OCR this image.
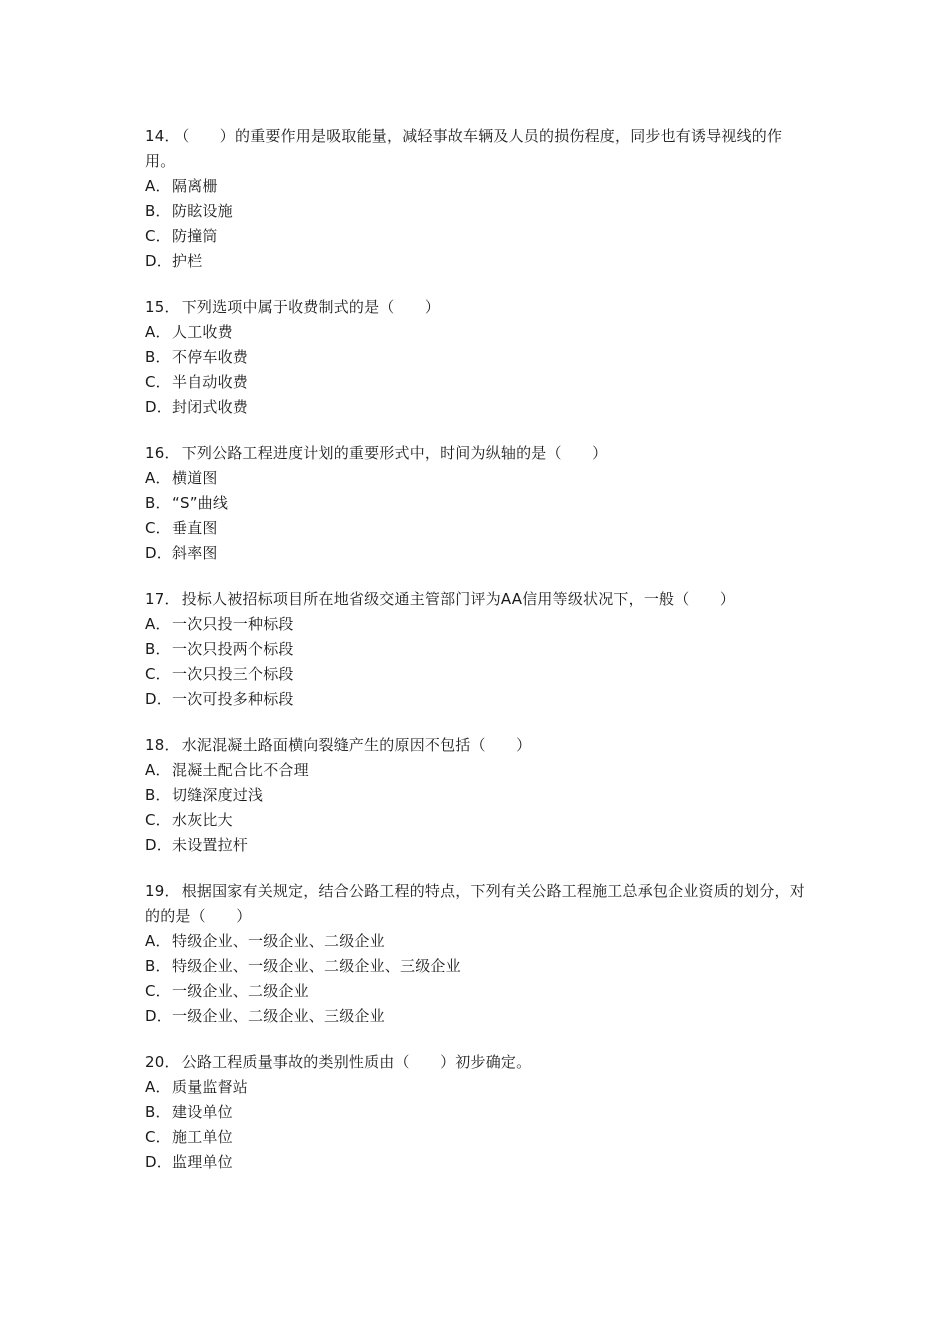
14． （　　）的重要作用是吸取能量，减轻事故车辆及人员的损伤程度，同步也有诱导视线的作用。
A．隔离栅
B．防眩设施
C．防撞筒
D．护栏
15． 下列选项中属于收费制式的是（　　）
A．人工收费
B．不停车收费
C．半自动收费
D．封闭式收费
16． 下列公路工程进度计划的重要形式中，时间为纵轴的是（　　）
A．横道图
B．“S”曲线
C．垂直图
D．斜率图
17． 投标人被招标项目所在地省级交通主管部门评为AA信用等级状况下，一般（　　）
A．一次只投一种标段
B．一次只投两个标段
C．一次只投三个标段
D．一次可投多种标段
18． 水泥混凝土路面横向裂缝产生的原因不包括（　　）
A．混凝土配合比不合理
B．切缝深度过浅
C．水灰比大
D．未设置拉杆
19． 根据国家有关规定，结合公路工程的特点，下列有关公路工程施工总承包企业资质的划分，对的的是（　　）
A．特级企业、一级企业、二级企业
B．特级企业、一级企业、二级企业、三级企业
C．一级企业、二级企业
D．一级企业、二级企业、三级企业
20． 公路工程质量事故的类别性质由（　　）初步确定。
A．质量监督站
B．建设单位
C．施工单位
D．监理单位
